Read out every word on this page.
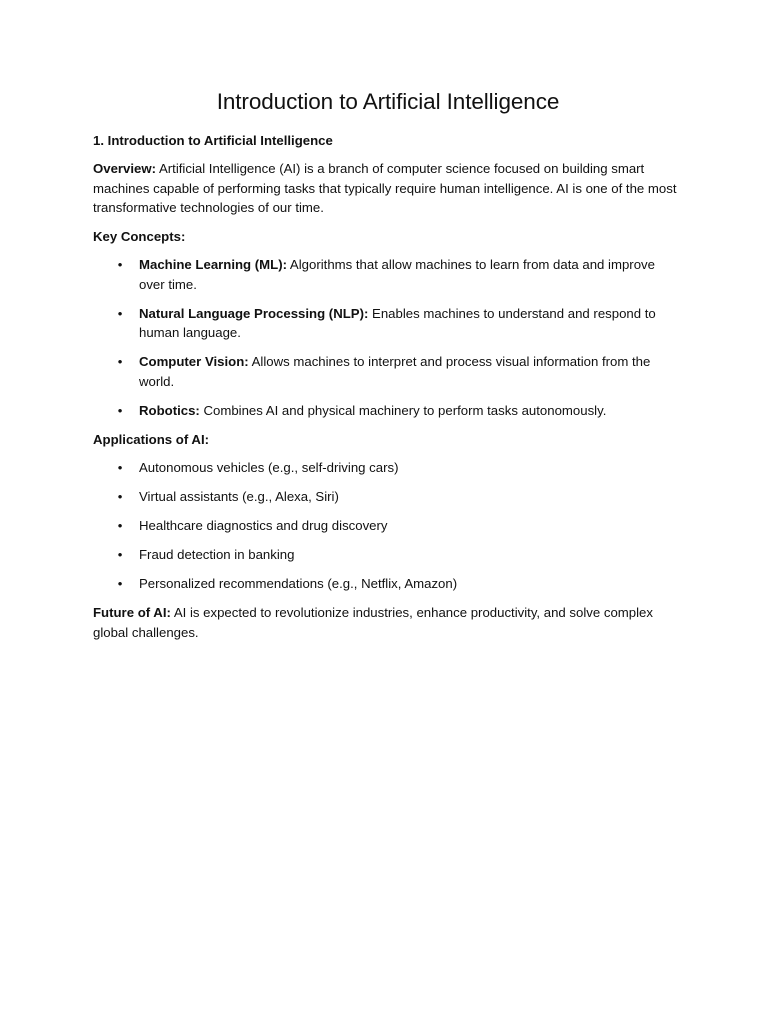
Introduction to Artificial Intelligence
1. Introduction to Artificial Intelligence

Overview: Artificial Intelligence (AI) is a branch of computer science focused on building smart machines capable of performing tasks that typically require human intelligence. AI is one of the most transformative technologies of our time.

Key Concepts:
• Machine Learning (ML): Algorithms that allow machines to learn from data and improve over time.
• Natural Language Processing (NLP): Enables machines to understand and respond to human language.
• Computer Vision: Allows machines to interpret and process visual information from the world.
• Robotics: Combines AI and physical machinery to perform tasks autonomously.
Applications of AI:
• Autonomous vehicles (e.g., self-driving cars)
• Virtual assistants (e.g., Alexa, Siri)
• Healthcare diagnostics and drug discovery
• Fraud detection in banking
• Personalized recommendations (e.g., Netflix, Amazon)

Future of AI: AI is expected to revolutionize industries, enhance productivity, and solve complex global challenges.
